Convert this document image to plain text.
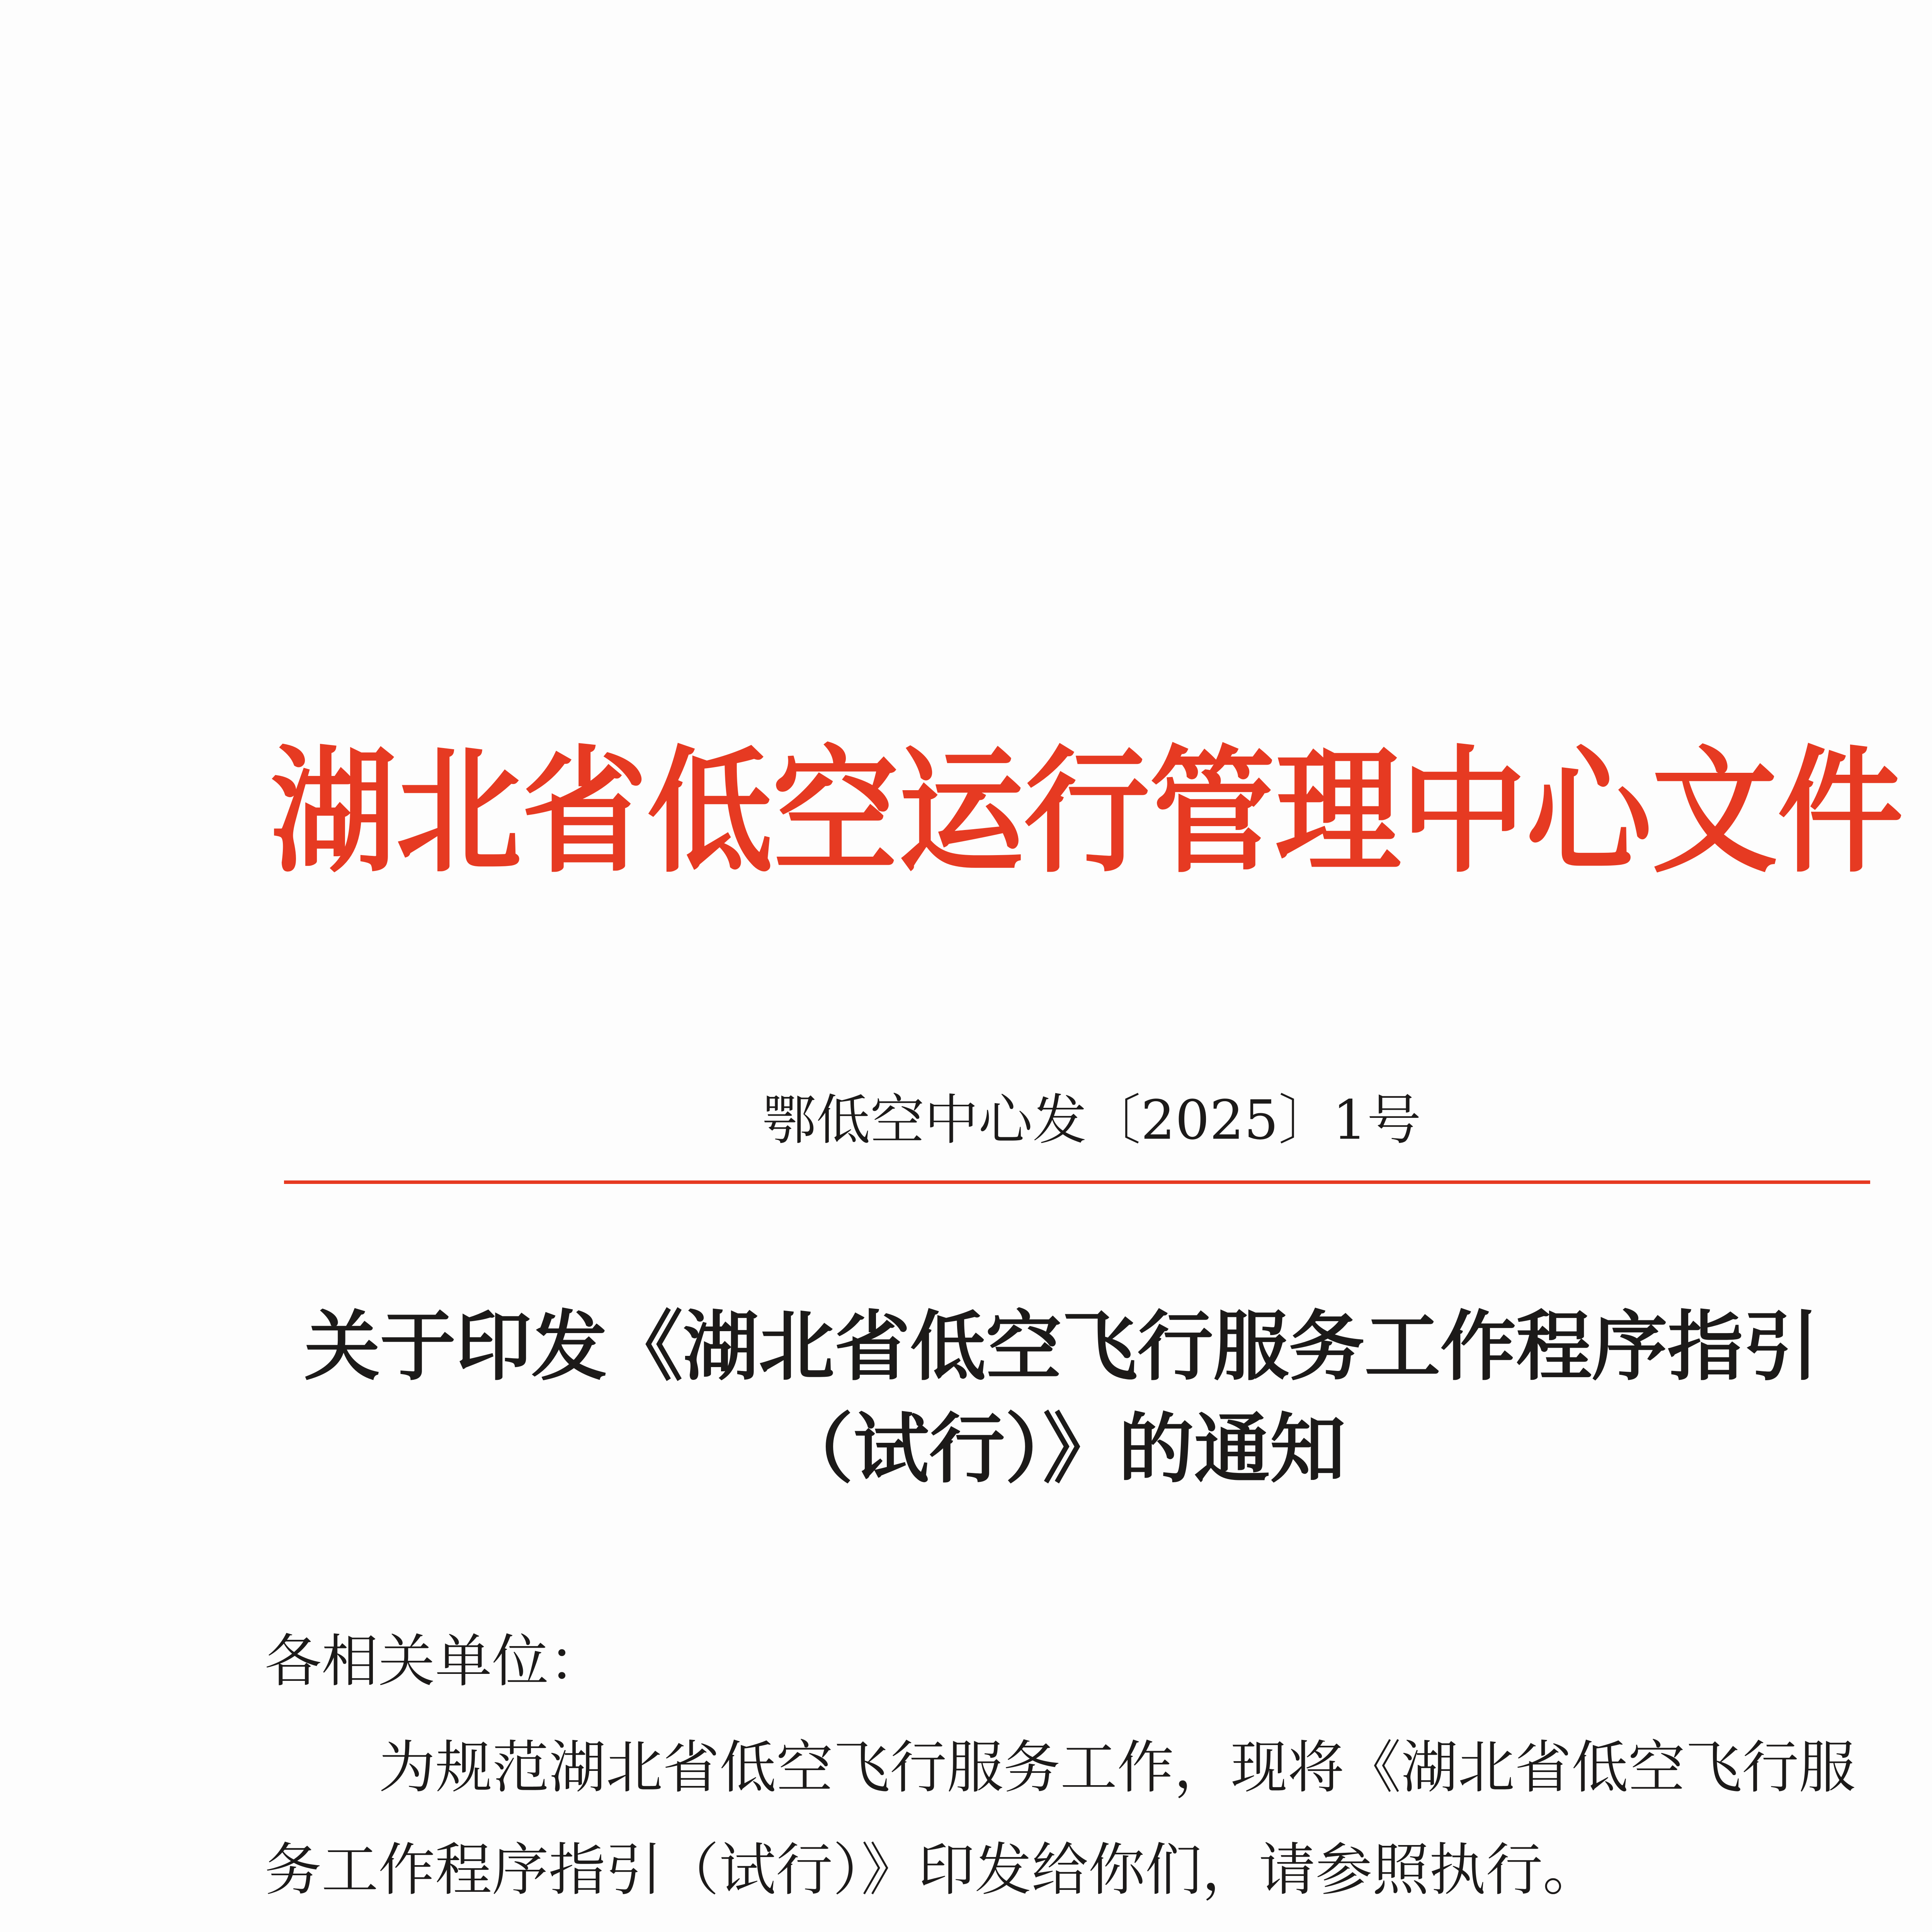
湖北省低空运行管理中心文件
鄂低空中心发〔2025〕1号
关于印发《湖北省低空飞行服务工作程序指引
（试行）》的通知
各相关单位：
为规范湖北省低空飞行服务工作，现将《湖北省低空飞行服
务工作程序指引（试行）》印发给你们，请参照执行。
